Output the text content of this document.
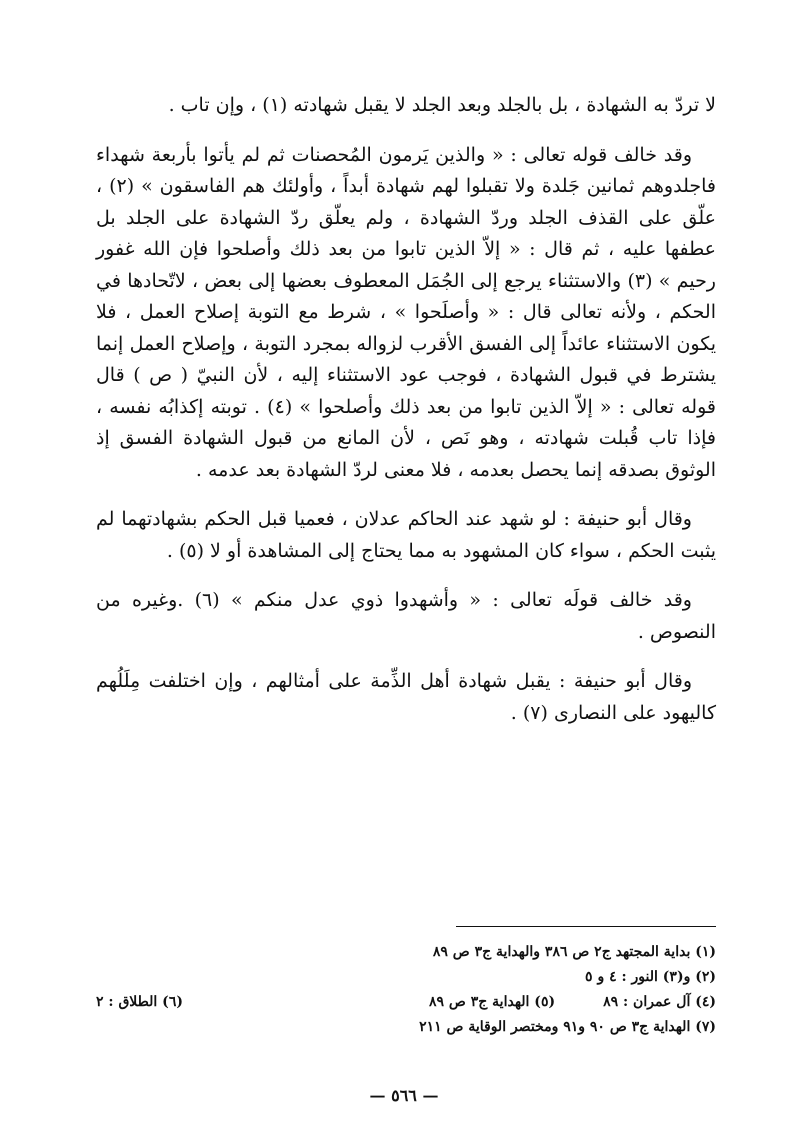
لا تردّ به الشهادة ، بل بالجلد وبعد الجلد لا يقبل شهادته (١) ، وإن تاب .

وقد خالف قوله تعالى : « والذين يَرمون المُحصنات ثم لم يأتوا بأربعة شهداء فاجلدوهم ثمانين جَلدة ولا تقبلوا لهم شهادة أبداً ، وأولئك هم الفاسقون » (٢) ، علّق على القذف الجلد وردّ الشهادة ، ولم يعلّق ردّ الشهادة على الجلد بل عطفها عليه ، ثم قال : « إلاّ الذين تابوا من بعد ذلك وأصلحوا فإن الله غفور رحيم » (٣) والاستثناء يرجع إلى الجُمَل المعطوف بعضها إلى بعض ، لاتّحادها في الحكم ، ولأنه تعالى قال : « وأصلَحوا » ، شرط مع التوبة إصلاح العمل ، فلا يكون الاستثناء عائداً إلى الفسق الأقرب لزواله بمجرد التوبة ، وإصلاح العمل إنما يشترط في قبول الشهادة ، فوجب عود الاستثناء إليه ، لأن النبيّ ( ص ) قال قوله تعالى : « إلاّ الذين تابوا من بعد ذلك وأصلحوا » (٤) . توبته إكذابُه نفسه ، فإذا تاب قُبلت شهادته ، وهو نَص ، لأن المانع من قبول الشهادة الفسق إذ الوثوق بصدقه إنما يحصل بعدمه ، فلا معنى لردّ الشهادة بعد عدمه .

وقال أبو حنيفة : لو شهد عند الحاكم عدلان ، فعميا قبل الحكم بشهادتهما لم يثبت الحكم ، سواء كان المشهود به مما يحتاج إلى المشاهدة أو لا (٥) .

وقد خالف قولَه تعالى : « وأشهدوا ذوي عدل منكم » (٦) .وغيره من النصوص .

وقال أبو حنيفة : يقبل شهادة أهل الذِّمة على أمثالهم ، وإن اختلفت مِلَلُهم كاليهود على النصارى (٧) .

(١) بداية المجتهد ج٢ ص ٣٨٦ والهداية ج٣ ص ٨٩
(٢) و(٣) النور : ٤ و ٥
(٤) آل عمران : ٨٩
(٥) الهداية ج٣ ص ٨٩
(٦) الطلاق : ٢
(٧) الهداية ج٣ ص ٩٠ و٩١ ومختصر الوقاية ص ٢١١
— ٥٦٦ —
